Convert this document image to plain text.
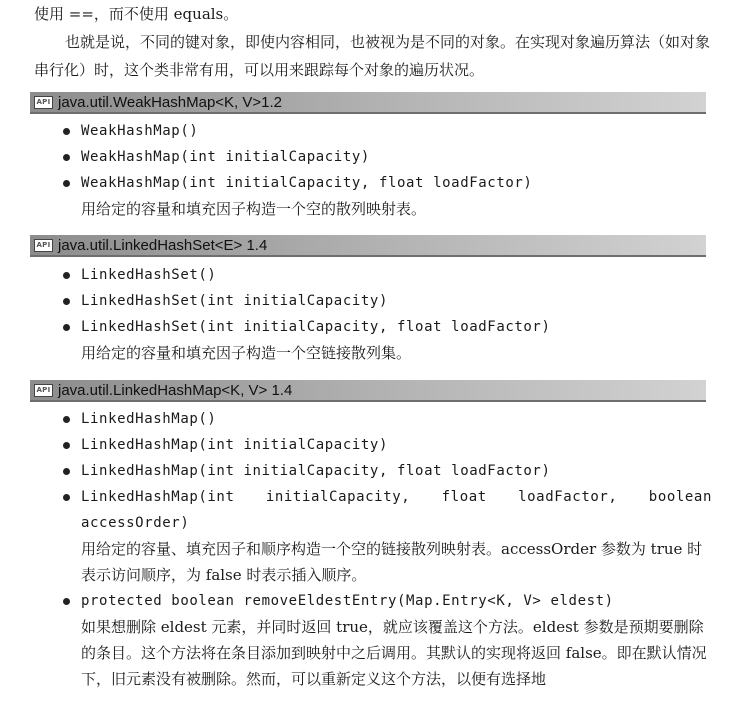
使用 ==，而不使用 equals。

也就是说，不同的键对象，即使内容相同，也被视为是不同的对象。在实现对象遍历算法（如对象串行化）时，这个类非常有用，可以用来跟踪每个对象的遍历状况。

API java.util.WeakHashMap<K, V>1.2
WeakHashMap()
WeakHashMap(int initialCapacity)
WeakHashMap(int initialCapacity, float loadFactor)

用给定的容量和填充因子构造一个空的散列映射表。

API java.util.LinkedHashSet<E> 1.4
LinkedHashSet()
LinkedHashSet(int initialCapacity)
LinkedHashSet(int initialCapacity, float loadFactor)

用给定的容量和填充因子构造一个空链接散列集。

API java.util.LinkedHashMap<K, V> 1.4
LinkedHashMap()
LinkedHashMap(int initialCapacity)
LinkedHashMap(int initialCapacity, float loadFactor)
LinkedHashMap(int initialCapacity, float loadFactor, boolean
accessOrder)

用给定的容量、填充因子和顺序构造一个空的链接散列映射表。accessOrder 参数为 true 时表示访问顺序，为 false 时表示插入顺序。

protected boolean removeEldestEntry(Map.Entry<K, V> eldest)

如果想删除 eldest 元素，并同时返回 true，就应该覆盖这个方法。eldest 参数是预期要删除的条目。这个方法将在条目添加到映射中之后调用。其默认的实现将返回 false。即在默认情况下，旧元素没有被删除。然而，可以重新定义这个方法，以便有选择地
